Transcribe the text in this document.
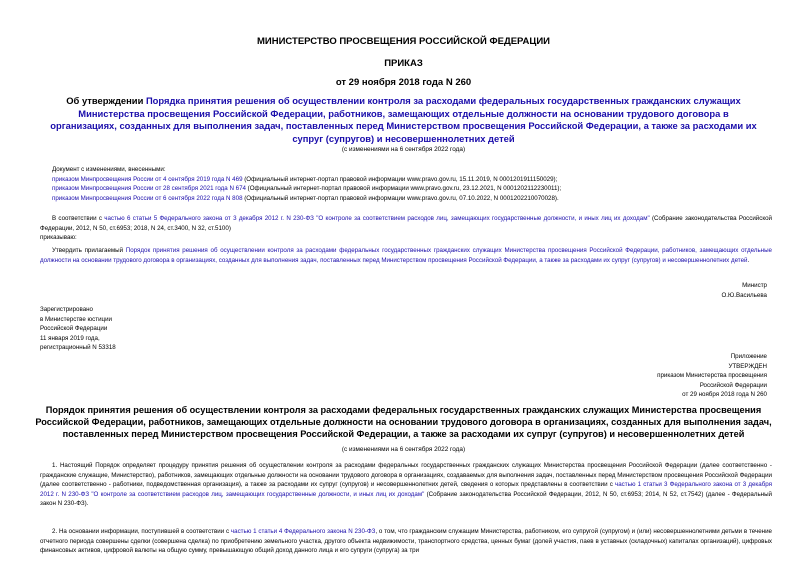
МИНИСТЕРСТВО ПРОСВЕЩЕНИЯ РОССИЙСКОЙ ФЕДЕРАЦИИ
ПРИКАЗ
от 29 ноября 2018 года N 260
Об утверждении Порядка принятия решения об осуществлении контроля за расходами федеральных государственных гражданских служащих Министерства просвещения Российской Федерации, работников, замещающих отдельные должности на основании трудового договора в организациях, созданных для выполнения задач, поставленных перед Министерством просвещения Российской Федерации, а также за расходами их супруг (супругов) и несовершеннолетних детей
(с изменениями на 6 сентября 2022 года)

Документ с изменениями, внесенными:

приказом Минпросвещения России от 4 сентября 2019 года N 469 (Официальный интернет-портал правовой информации www.pravo.gov.ru, 15.11.2019, N 0001201911150029);

приказом Минпросвещения России от 28 сентября 2021 года N 674 (Официальный интернет-портал правовой информации www.pravo.gov.ru, 23.12.2021, N 0001202112230011);

приказом Минпросвещения России от 6 сентября 2022 года N 808 (Официальный интернет-портал правовой информации www.pravo.gov.ru, 07.10.2022, N 0001202210070028).

В соответствии с частью 6 статьи 5 Федерального закона от 3 декабря 2012 г. N 230-ФЗ "О контроле за соответствием расходов лиц, замещающих государственные должности, и иных лиц их доходам" (Собрание законодательства Российской Федерации, 2012, N 50, ст.6953; 2018, N 24, ст.3400, N 32, ст.5100)

приказываю:

Утвердить прилагаемый Порядок принятия решения об осуществлении контроля за расходами федеральных государственных гражданских служащих Министерства просвещения Российской Федерации, работников, замещающих отдельные должности на основании трудового договора в организациях, созданных для выполнения задач, поставленных перед Министерством просвещения Российской Федерации, а также за расходами их супруг (супругов) и несовершеннолетних детей.

Министр

О.Ю.Васильева

Зарегистрировано

в Министерстве юстиции

Российской Федерации

11 января 2019 года,

регистрационный N 53318

Приложение

УТВЕРЖДЕН

приказом Министерства просвещения

Российской Федерации

от 29 ноября 2018 года N 260

Порядок принятия решения об осуществлении контроля за расходами федеральных государственных гражданских служащих Министерства просвещения Российской Федерации, работников, замещающих отдельные должности на основании трудового договора в организациях, созданных для выполнения задач, поставленных перед Министерством просвещения Российской Федерации, а также за расходами их супруг (супругов) и несовершеннолетних детей
(с изменениями на 6 сентября 2022 года)

1. Настоящий Порядок определяет процедуру принятия решения об осуществлении контроля за расходами федеральных государственных гражданских служащих Министерства просвещения Российской Федерации (далее соответственно - гражданские служащие, Министерство), работников, замещающих отдельные должности на основании трудового договора в организациях, создаваемых для выполнения задач, поставленных перед Министерством просвещения Российской Федерации (далее соответственно - работники, подведомственная организация), а также за расходами их супруг (супругов) и несовершеннолетних детей, сведения о которых представлены в соответствии с частью 1 статьи 3 Федерального закона от 3 декабря 2012 г. N 230-ФЗ "О контроле за соответствием расходов лиц, замещающих государственные должности, и иных лиц их доходам" (Собрание законодательства Российской Федерации, 2012, N 50, ст.6953; 2014, N 52, ст.7542) (далее - Федеральный закон N 230-ФЗ).

2. На основании информации, поступившей в соответствии с частью 1 статьи 4 Федерального закона N 230-ФЗ, о том, что гражданским служащим Министерства, работником, его супругой (супругом) и (или) несовершеннолетними детьми в течение отчетного периода совершены сделки (совершена сделка) по приобретению земельного участка, другого объекта недвижимости, транспортного средства, ценных бумаг (долей участия, паев в уставных (складочных) капиталах организаций), цифровых финансовых активов, цифровой валюты на общую сумму, превышающую общий доход данного лица и его супруги (супруга) за три
